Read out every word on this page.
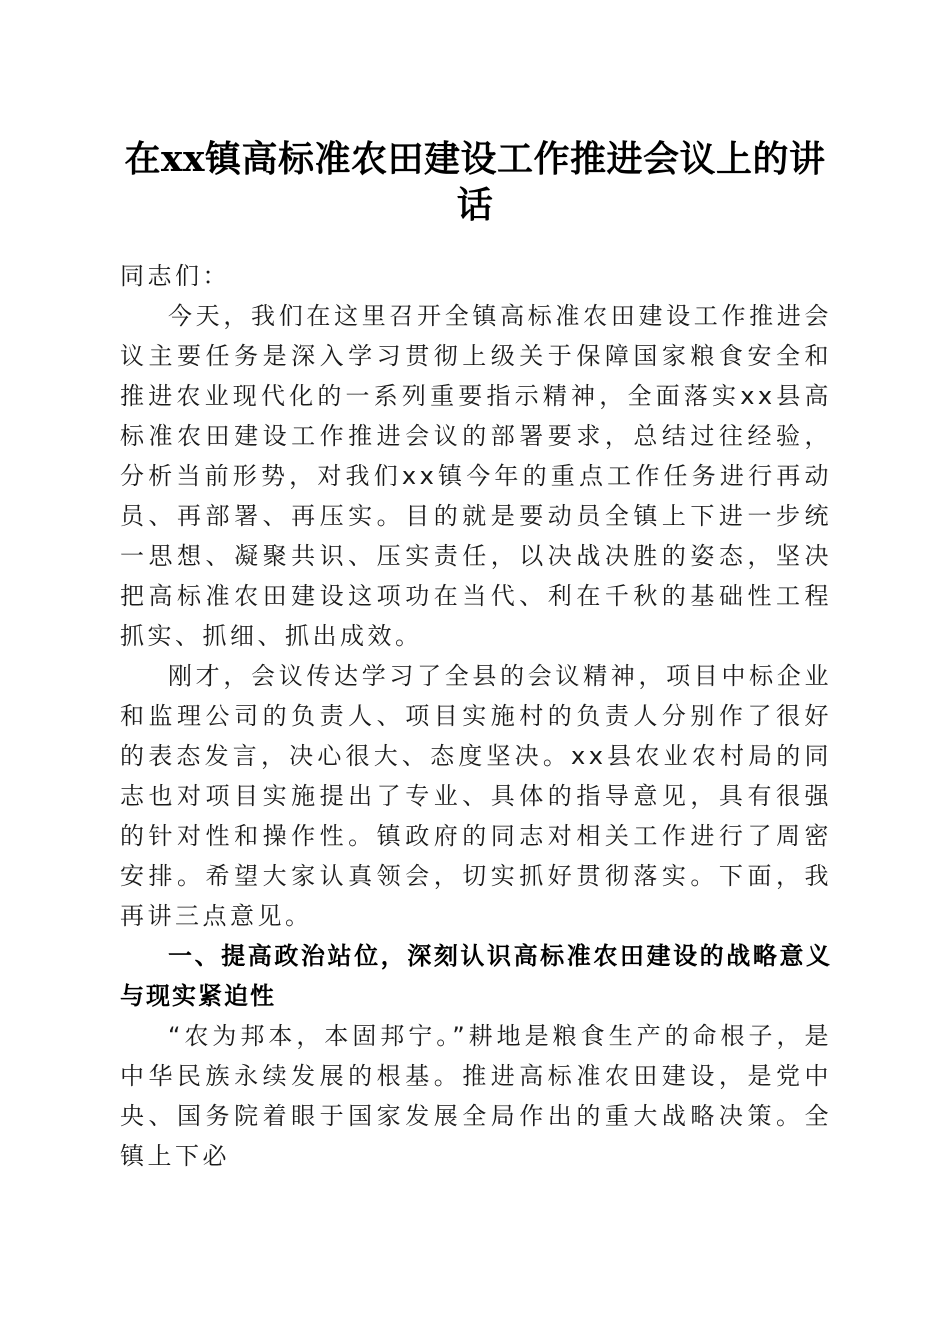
在xx镇高标准农田建设工作推进会议上的讲话

同志们：

今天，我们在这里召开全镇高标准农田建设工作推进会议主要任务是深入学习贯彻上级关于保障国家粮食安全和推进农业现代化的一系列重要指示精神，全面落实xx县高标准农田建设工作推进会议的部署要求，总结过往经验，分析当前形势，对我们xx镇今年的重点工作任务进行再动员、再部署、再压实。目的就是要动员全镇上下进一步统一思想、凝聚共识、压实责任，以决战决胜的姿态，坚决把高标准农田建设这项功在当代、利在千秋的基础性工程抓实、抓细、抓出成效。

刚才，会议传达学习了全县的会议精神，项目中标企业和监理公司的负责人、项目实施村的负责人分别作了很好的表态发言，决心很大、态度坚决。xx县农业农村局的同志也对项目实施提出了专业、具体的指导意见，具有很强的针对性和操作性。镇政府的同志对相关工作进行了周密安排。希望大家认真领会，切实抓好贯彻落实。下面，我再讲三点意见。

一、提高政治站位，深刻认识高标准农田建设的战略意义与现实紧迫性

“农为邦本，本固邦宁。”耕地是粮食生产的命根子，是中华民族永续发展的根基。推进高标准农田建设，是党中央、国务院着眼于国家发展全局作出的重大战略决策。全镇上下必
